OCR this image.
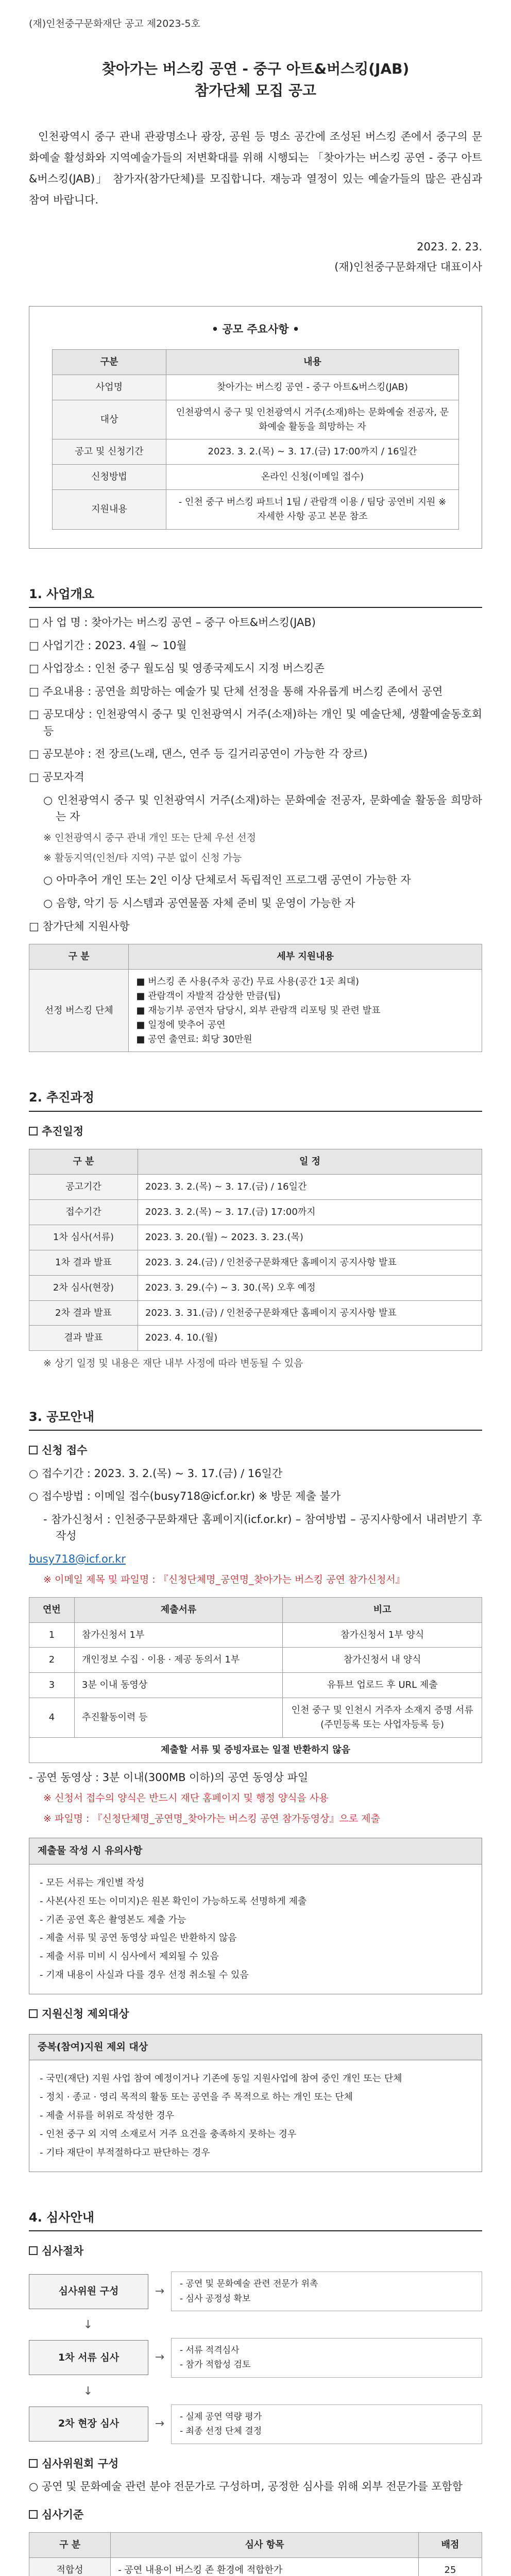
(재)인천중구문화재단 공고 제2023-5호
찾아가는 버스킹 공연 - 중구 아트&버스킹(JAB)
참가단체 모집 공고
인천광역시 중구 관내 관광명소나 광장, 공원 등 명소 공간에 조성된 버스킹 존에서 중구의 문화예술 활성화와 지역예술가들의 저변확대를 위해 시행되는 「찾아가는 버스킹 공연 - 중구 아트&버스킹(JAB)」 참가자(참가단체)를 모집합니다. 재능과 열정이 있는 예술가들의 많은 관심과 참여 바랍니다.
2023. 2. 23.
(재)인천중구문화재단 대표이사
• 공모 주요사항 •
구분	내용
사업명	찾아가는 버스킹 공연 - 중구 아트&버스킹(JAB)
대상	인천광역시 중구 및 인천광역시 거주(소재)하는 문화예술 전공자, 문화예술 활동을 희망하는 자
공고 및 신청기간	2023. 3. 2.(목) ~ 3. 17.(금) 17:00까지 / 16일간
신청방법	온라인 신청(이메일 접수)
지원내용	- 인천 중구 버스킹 파트너 1팀 / 관람객 이용 / 팀당 공연비 지원 ※ 자세한 사항 공고 본문 참조
1. 사업개요
□ 사 업 명 : 찾아가는 버스킹 공연 – 중구 아트&버스킹(JAB)
□ 사업기간 : 2023. 4월 ~ 10월
□ 사업장소 : 인천 중구 월도심 및 영종국제도시 지정 버스킹존
□ 주요내용 : 공연을 희망하는 예술가 및 단체 선정을 통해 자유롭게 버스킹 존에서 공연
□ 공모대상 : 인천광역시 중구 및 인천광역시 거주(소재)하는 개인 및 예술단체, 생활예술동호회 등
□ 공모분야 : 전 장르(노래, 댄스, 연주 등 길거리공연이 가능한 각 장르)
□ 공모자격
○ 인천광역시 중구 및 인천광역시 거주(소재)하는 문화예술 전공자, 문화예술 활동을 희망하는 자
※ 인천광역시 중구 관내 개인 또는 단체 우선 선정
※ 활동지역(인천/타 지역) 구분 없이 신청 가능
○ 아마추어 개인 또는 2인 이상 단체로서 독립적인 프로그램 공연이 가능한 자
○ 음향, 악기 등 시스템과 공연물품 자체 준비 및 운영이 가능한 자
□ 참가단체 지원사항
구 분	세부 지원내용
선정 버스킹 단체	■ 버스킹 존 사용(주차 공간) 무료 사용(공간 1곳 최대)
■ 관람객이 자발적 감상한 만큼(팁)
■ 재능기부 공연자 담당시, 외부 관람객 리포팅 및 관련 발표
■ 일정에 맞추어 공연
■ 공연 출연료: 회당 30만원
2. 추진과정
추진일정
구 분	일 정
공고기간	2023. 3. 2.(목) ~ 3. 17.(금) / 16일간
접수기간	2023. 3. 2.(목) ~ 3. 17.(금) 17:00까지
1차 심사(서류)	2023. 3. 20.(월) ~ 2023. 3. 23.(목)
1차 결과 발표	2023. 3. 24.(금) / 인천중구문화재단 홈페이지 공지사항 발표
2차 심사(현장)	2023. 3. 29.(수) ~ 3. 30.(목) 오후 예정
2차 결과 발표	2023. 3. 31.(금) / 인천중구문화재단 홈페이지 공지사항 발표
결과 발표	2023. 4. 10.(월)
※ 상기 일정 및 내용은 재단 내부 사정에 따라 변동될 수 있음
3. 공모안내
신청 접수
○ 접수기간 : 2023. 3. 2.(목) ~ 3. 17.(금) / 16일간
○ 접수방법 : 이메일 접수(busy718@icf.or.kr) ※ 방문 제출 불가
- 참가신청서 : 인천중구문화재단 홈페이지(icf.or.kr) – 참여방법 – 공지사항에서 내려받기 후 작성
busy718@icf.or.kr
※ 이메일 제목 및 파일명 : 『신청단체명_공연명_찾아가는 버스킹 공연 참가신청서』
연번	제출서류	비고
1	참가신청서 1부	참가신청서 1부 양식
2	개인정보 수집 · 이용 · 제공 동의서 1부	참가신청서 내 양식
3	3분 이내 동영상	유튜브 업로드 후 URL 제출
4	추진활동이력 등	인천 중구 및 인천시 거주자 소재지 증명 서류 (주민등록 또는 사업자등록 등)
제출할 서류 및 증빙자료는 일절 반환하지 않음		
- 공연 동영상 : 3분 이내(300MB 이하)의 공연 동영상 파일
※ 신청서 접수의 양식은 반드시 재단 홈페이지 및 행정 양식을 사용
※ 파일명 : 『신청단체명_공연명_찾아가는 버스킹 공연 참가동영상』으로 제출
제출물 작성 시 유의사항

- 모든 서류는 개인별 작성

- 사본(사진 또는 이미지)은 원본 확인이 가능하도록 선명하게 제출

- 기존 공연 혹은 촬영본도 제출 가능

- 제출 서류 및 공연 동영상 파일은 반환하지 않음

- 제출 서류 미비 시 심사에서 제외될 수 있음

- 기재 내용이 사실과 다를 경우 선정 취소될 수 있음

지원신청 제외대상
중복(참여)지원 제외 대상

- 국민(재단) 지원 사업 참여 예정이거나 기존에 동일 지원사업에 참여 중인 개인 또는 단체

- 정치 · 종교 · 영리 목적의 활동 또는 공연을 주 목적으로 하는 개인 또는 단체

- 제출 서류를 허위로 작성한 경우

- 인천 중구 외 지역 소재로서 거주 요건을 충족하지 못하는 경우

- 기타 재단이 부적절하다고 판단하는 경우

4. 심사안내
심사절차
심사위원 구성	→
- 공연 및 문화예술 관련 전문가 위촉
- 심사 공정성 확보
↓
1차 서류 심사	→
- 서류 적격심사
- 참가 적합성 검토
↓
2차 현장 심사	→
- 실제 공연 역량 평가
- 최종 선정 단체 결정
심사위원회 구성
○ 공연 및 문화예술 관련 분야 전문가로 구성하며, 공정한 심사를 위해 외부 전문가를 포함함
심사기준
구 분	심사 항목	배점
적합성	- 공연 내용이 버스킹 존 환경에 적합한가	25
